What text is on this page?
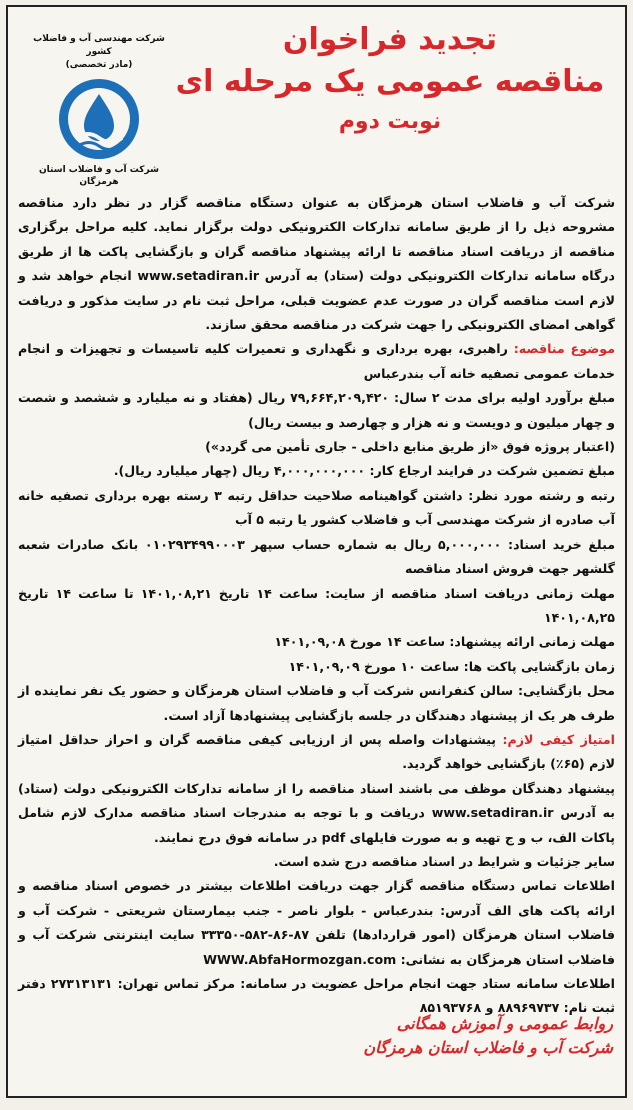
تجدید فراخوان
مناقصه عمومی یک مرحله ای
نوبت دوم
شرکت مهندسی آب و فاضلاب کشور
(مادر تخصصی)
شرکت آب و فاضلاب استان هرمزگان

شرکت آب و فاضلاب استان هرمزگان به عنوان دستگاه مناقصه گزار در نظر دارد مناقصه مشروحه ذیل را از طریق سامانه تدارکات الکترونیکی دولت برگزار نماید. کلیه مراحل برگزاری مناقصه از دریافت اسناد مناقصه تا ارائه پیشنهاد مناقصه گران و بازگشایی پاکت ها از طریق درگاه سامانه تدارکات الکترونیکی دولت (ستاد) به آدرس www.setadiran.ir انجام خواهد شد و لازم است مناقصه گران در صورت عدم عضویت قبلی، مراحل ثبت نام در سایت مذکور و دریافت گواهی امضای الکترونیکی را جهت شرکت در مناقصه محقق سازند.

موضوع مناقصه: راهبری، بهره برداری و نگهداری و تعمیرات کلیه تاسیسات و تجهیزات و انجام خدمات عمومی تصفیه خانه آب بندرعباس

مبلغ برآورد اولیه برای مدت ۲ سال: ۷۹,۶۶۴,۲۰۹,۴۲۰ ریال (هفتاد و نه میلیارد و ششصد و شصت و چهار میلیون و دویست و نه هزار و چهارصد و بیست ریال)

(اعتبار پروژه فوق «از طریق منابع داخلی - جاری تأمین می گردد»)

مبلغ تضمین شرکت در فرایند ارجاع کار: ۴,۰۰۰,۰۰۰,۰۰۰ ریال (چهار میلیارد ریال).

رتبه و رشته مورد نظر: داشتن گواهینامه صلاحیت حداقل رتبه ۳ رسته بهره برداری تصفیه خانه آب صادره از شرکت مهندسی آب و فاضلاب کشور یا رتبه ۵ آب

مبلغ خرید اسناد: ۵,۰۰۰,۰۰۰ ریال به شماره حساب سپهر ۰۱۰۲۹۳۴۹۹۰۰۰۳ بانک صادرات شعبه گلشهر جهت فروش اسناد مناقصه

مهلت زمانی دریافت اسناد مناقصه از سایت: ساعت ۱۴ تاریخ ۱۴۰۱,۰۸,۲۱ تا ساعت ۱۴ تاریخ ۱۴۰۱,۰۸,۲۵

مهلت زمانی ارائه پیشنهاد: ساعت ۱۴ مورخ ۱۴۰۱,۰۹,۰۸

زمان بازگشایی پاکت ها: ساعت ۱۰ مورخ ۱۴۰۱,۰۹,۰۹

محل بازگشایی: سالن کنفرانس شرکت آب و فاضلاب استان هرمزگان و حضور یک نفر نماینده از طرف هر یک از پیشنهاد دهندگان در جلسه بازگشایی پیشنهادها آزاد است.

امتیاز کیفی لازم: پیشنهادات واصله پس از ارزیابی کیفی مناقصه گران و احراز حداقل امتیاز لازم (۶۵٪) بازگشایی خواهد گردید.

پیشنهاد دهندگان موظف می باشند اسناد مناقصه را از سامانه تدارکات الکترونیکی دولت (ستاد) به آدرس www.setadiran.ir دریافت و با توجه به مندرجات اسناد مناقصه مدارک لازم شامل پاکات الف، ب و ج تهیه و به صورت فایلهای pdf در سامانه فوق درج نمایند.

سایر جزئیات و شرایط در اسناد مناقصه درج شده است.

اطلاعات تماس دستگاه مناقصه گزار جهت دریافت اطلاعات بیشتر در خصوص اسناد مناقصه و ارائه پاکت های الف آدرس: بندرعباس - بلوار ناصر - جنب بیمارستان شریعتی - شرکت آب و فاضلاب استان هرمزگان (امور قراردادها) تلفن ۸۷-۸۶-۵۸۲-۳۳۳۵۰ سایت اینترنتی شرکت آب و فاضلاب استان هرمزگان به نشانی: WWW.AbfaHormozgan.com

اطلاعات سامانه ستاد جهت انجام مراحل عضویت در سامانه: مرکز تماس تهران: ۲۷۳۱۳۱۳۱ دفتر ثبت نام: ۸۸۹۶۹۷۳۷ و ۸۵۱۹۳۷۶۸

روابط عمومی و آموزش همگانی
شرکت آب و فاضلاب استان هرمزگان
